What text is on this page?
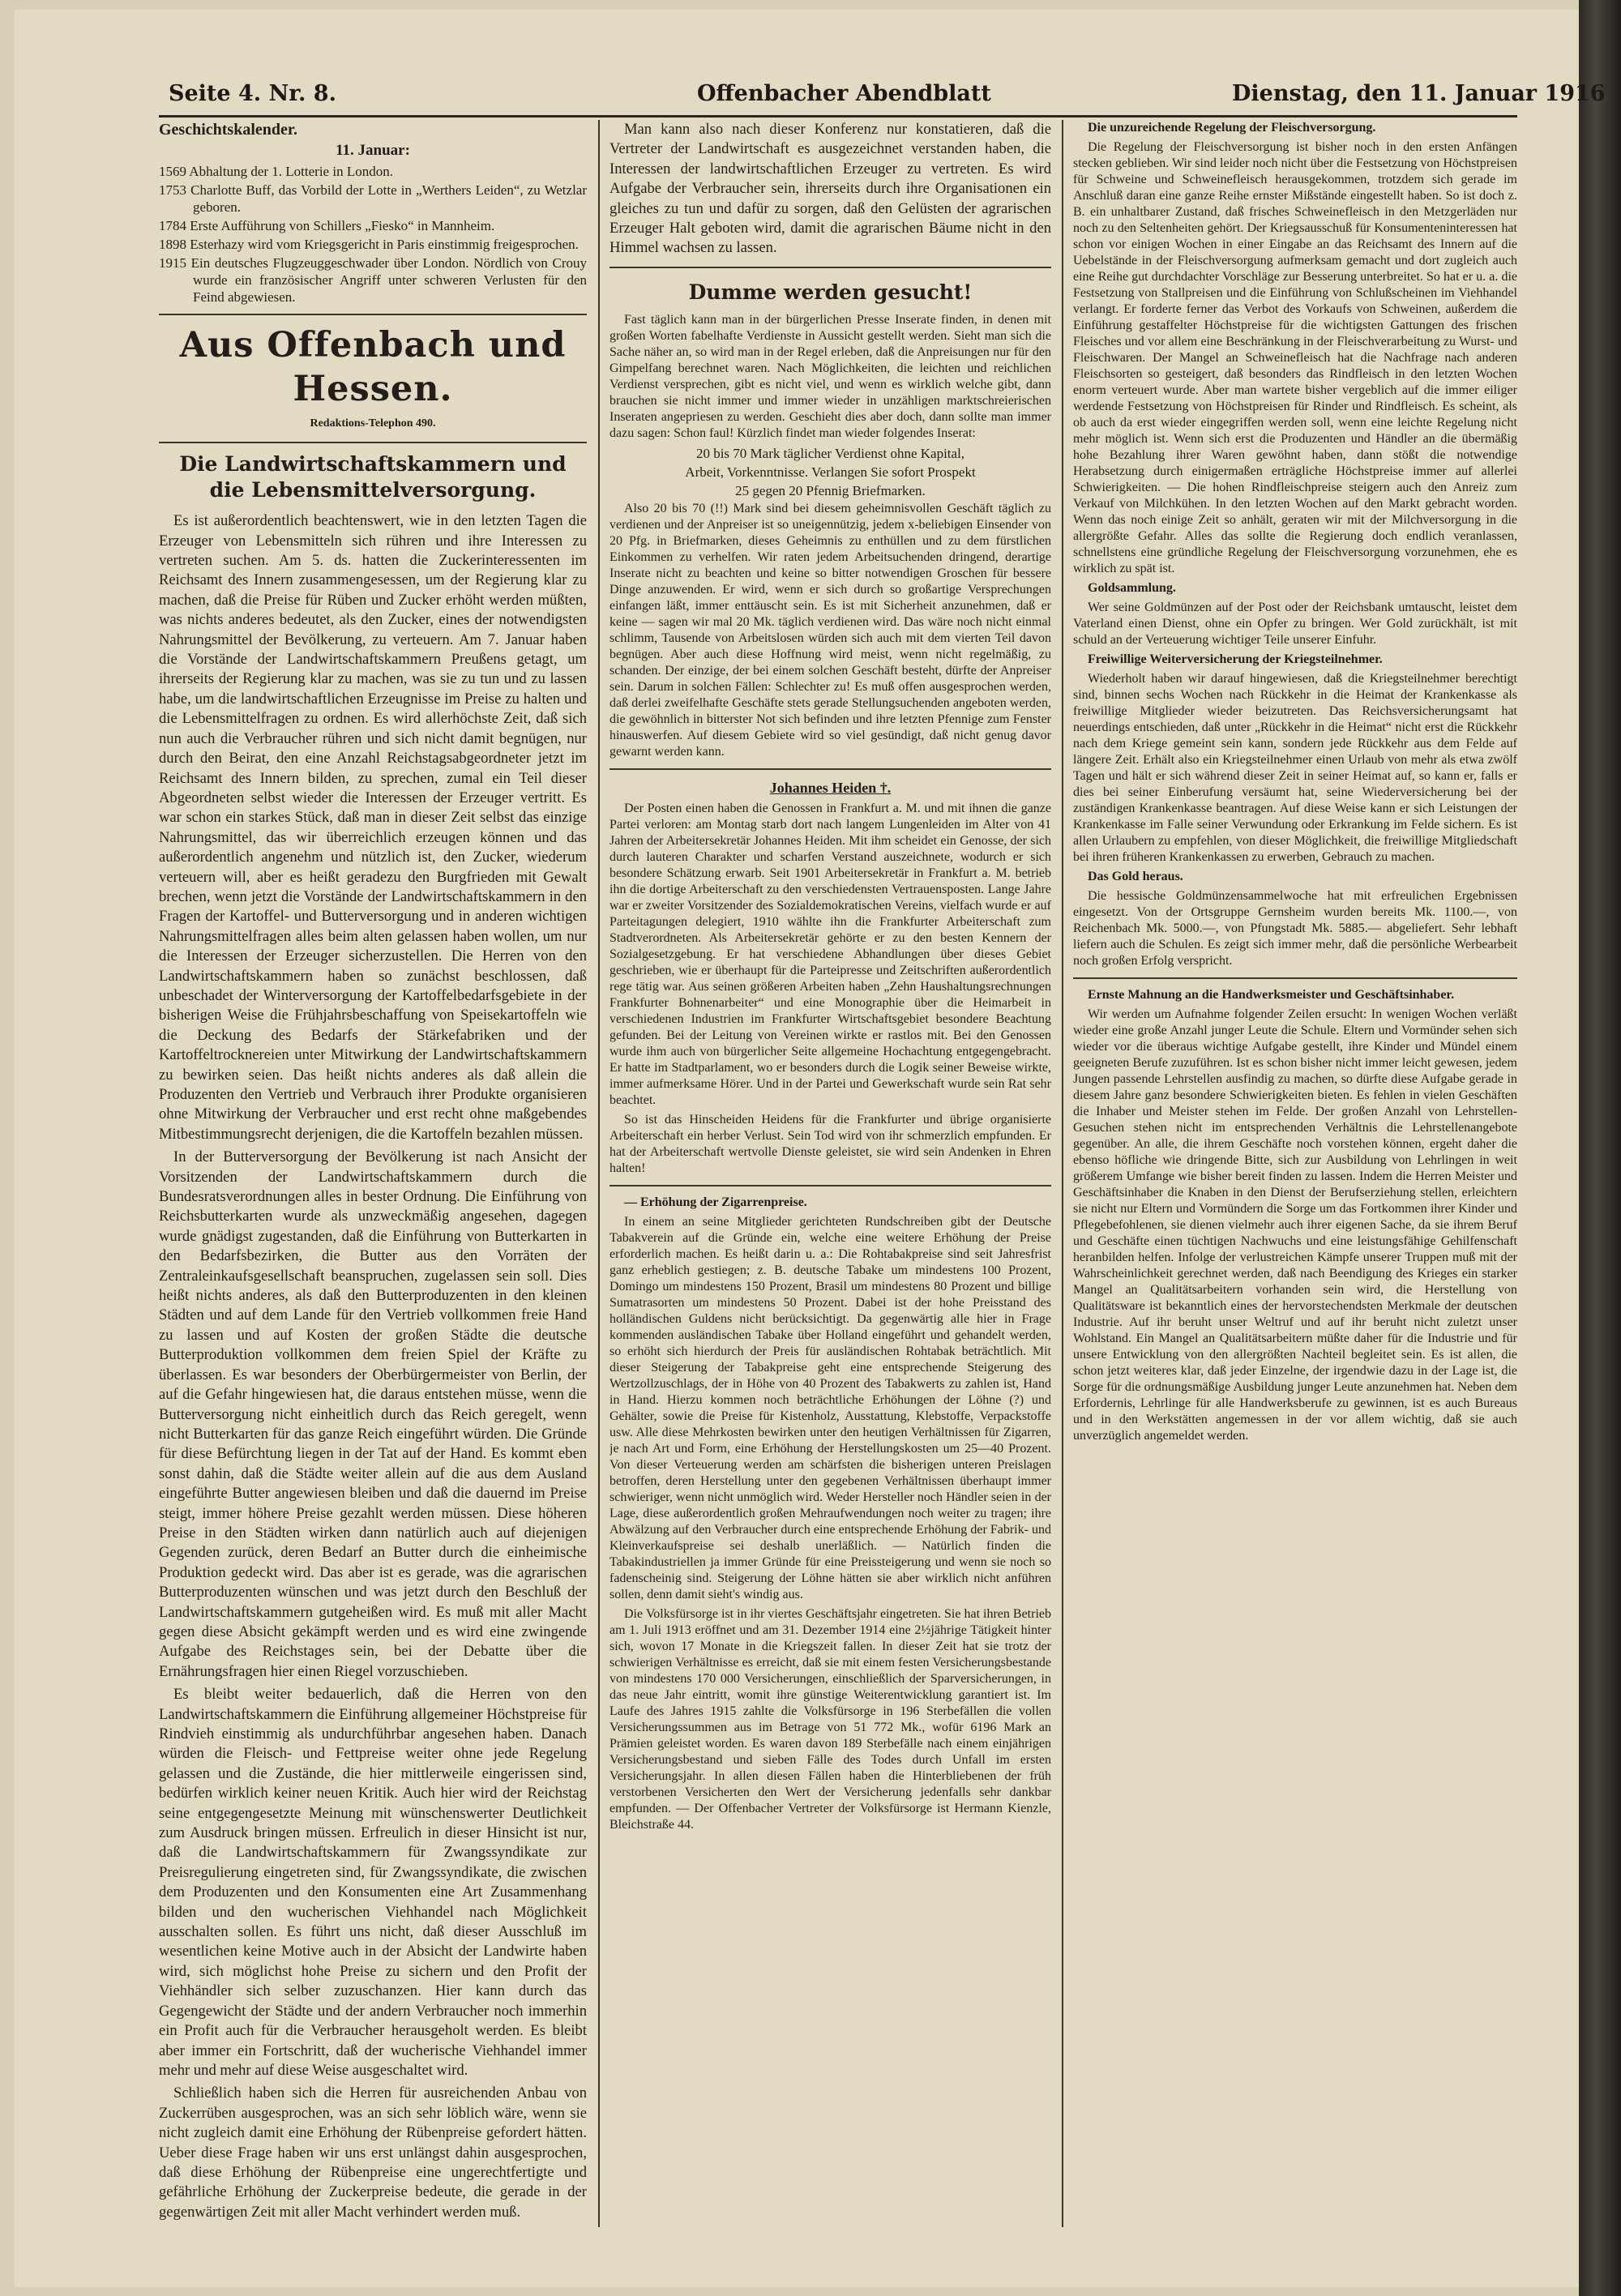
Seite 4. Nr. 8.	Offenbacher Abendblatt	Dienstag, den 11. Januar 1916
Geschichtskalender.
11. Januar:
1569 Abhaltung der 1. Lotterie in London.
1753 Charlotte Buff, das Vorbild der Lotte in „Werthers Leiden“, zu Wetzlar geboren.
1784 Erste Aufführung von Schillers „Fiesko“ in Mannheim.
1898 Esterhazy wird vom Kriegsgericht in Paris einstimmig freigesprochen.
1915 Ein deutsches Flugzeuggeschwader über London. Nördlich von Crouy wurde ein französischer Angriff unter schweren Verlusten für den Feind abgewiesen.
Aus Offenbach und Hessen.
Redaktions-Telephon 490.
Die Landwirtschaftskammern und die Lebensmittelversorgung.

Es ist außerordentlich beachtenswert, wie in den letzten Tagen die Erzeuger von Lebensmitteln sich rühren und ihre Interessen zu vertreten suchen. Am 5. ds. hatten die Zuckerinteressenten im Reichsamt des Innern zusammengesessen, um der Regierung klar zu machen, daß die Preise für Rüben und Zucker erhöht werden müßten, was nichts anderes bedeutet, als den Zucker, eines der notwendigsten Nahrungsmittel der Bevölkerung, zu verteuern. Am 7. Januar haben die Vorstände der Landwirtschaftskammern Preußens getagt, um ihrerseits der Regierung klar zu machen, was sie zu tun und zu lassen habe, um die landwirtschaftlichen Erzeugnisse im Preise zu halten und die Lebensmittelfragen zu ordnen. Es wird allerhöchste Zeit, daß sich nun auch die Verbraucher rühren und sich nicht damit begnügen, nur durch den Beirat, den eine Anzahl Reichstagsabgeordneter jetzt im Reichsamt des Innern bilden, zu sprechen, zumal ein Teil dieser Abgeordneten selbst wieder die Interessen der Erzeuger vertritt. Es war schon ein starkes Stück, daß man in dieser Zeit selbst das einzige Nahrungsmittel, das wir überreichlich erzeugen können und das außerordentlich angenehm und nützlich ist, den Zucker, wiederum verteuern will, aber es heißt geradezu den Burgfrieden mit Gewalt brechen, wenn jetzt die Vorstände der Landwirtschaftskammern in den Fragen der Kartoffel- und Butterversorgung und in anderen wichtigen Nahrungsmittelfragen alles beim alten gelassen haben wollen, um nur die Interessen der Erzeuger sicherzustellen. Die Herren von den Landwirtschaftskammern haben so zunächst beschlossen, daß unbeschadet der Winterversorgung der Kartoffelbedarfsgebiete in der bisherigen Weise die Frühjahrsbeschaffung von Speisekartoffeln wie die Deckung des Bedarfs der Stärkefabriken und der Kartoffeltrocknereien unter Mitwirkung der Landwirtschaftskammern zu bewirken seien. Das heißt nichts anderes als daß allein die Produzenten den Vertrieb und Verbrauch ihrer Produkte organisieren ohne Mitwirkung der Verbraucher und erst recht ohne maßgebendes Mitbestimmungsrecht derjenigen, die die Kartoffeln bezahlen müssen.

In der Butterversorgung der Bevölkerung ist nach Ansicht der Vorsitzenden der Landwirtschaftskammern durch die Bundesratsverordnungen alles in bester Ordnung. Die Einführung von Reichsbutterkarten wurde als unzweckmäßig angesehen, dagegen wurde gnädigst zugestanden, daß die Einführung von Butterkarten in den Bedarfsbezirken, die Butter aus den Vorräten der Zentraleinkaufsgesellschaft beanspruchen, zugelassen sein soll. Dies heißt nichts anderes, als daß den Butterproduzenten in den kleinen Städten und auf dem Lande für den Vertrieb vollkommen freie Hand zu lassen und auf Kosten der großen Städte die deutsche Butterproduktion vollkommen dem freien Spiel der Kräfte zu überlassen. Es war besonders der Oberbürgermeister von Berlin, der auf die Gefahr hingewiesen hat, die daraus entstehen müsse, wenn die Butterversorgung nicht einheitlich durch das Reich geregelt, wenn nicht Butterkarten für das ganze Reich eingeführt würden. Die Gründe für diese Befürchtung liegen in der Tat auf der Hand. Es kommt eben sonst dahin, daß die Städte weiter allein auf die aus dem Ausland eingeführte Butter angewiesen bleiben und daß die dauernd im Preise steigt, immer höhere Preise gezahlt werden müssen. Diese höheren Preise in den Städten wirken dann natürlich auch auf diejenigen Gegenden zurück, deren Bedarf an Butter durch die einheimische Produktion gedeckt wird. Das aber ist es gerade, was die agrarischen Butterproduzenten wünschen und was jetzt durch den Beschluß der Landwirtschaftskammern gutgeheißen wird. Es muß mit aller Macht gegen diese Absicht gekämpft werden und es wird eine zwingende Aufgabe des Reichstages sein, bei der Debatte über die Ernährungsfragen hier einen Riegel vorzuschieben.

Es bleibt weiter bedauerlich, daß die Herren von den Landwirtschaftskammern die Einführung allgemeiner Höchstpreise für Rindvieh einstimmig als undurchführbar angesehen haben. Danach würden die Fleisch- und Fettpreise weiter ohne jede Regelung gelassen und die Zustände, die hier mittlerweile eingerissen sind, bedürfen wirklich keiner neuen Kritik. Auch hier wird der Reichstag seine entgegengesetzte Meinung mit wünschenswerter Deutlichkeit zum Ausdruck bringen müssen. Erfreulich in dieser Hinsicht ist nur, daß die Landwirtschaftskammern für Zwangssyndikate zur Preisregulierung eingetreten sind, für Zwangssyndikate, die zwischen dem Produzenten und den Konsumenten eine Art Zusammenhang bilden und den wucherischen Viehhandel nach Möglichkeit ausschalten sollen. Es führt uns nicht, daß dieser Ausschluß im wesentlichen keine Motive auch in der Absicht der Landwirte haben wird, sich möglichst hohe Preise zu sichern und den Profit der Viehhändler sich selber zuzuschanzen. Hier kann durch das Gegengewicht der Städte und der andern Verbraucher noch immerhin ein Profit auch für die Verbraucher herausgeholt werden. Es bleibt aber immer ein Fortschritt, daß der wucherische Viehhandel immer mehr und mehr auf diese Weise ausgeschaltet wird.

Schließlich haben sich die Herren für ausreichenden Anbau von Zuckerrüben ausgesprochen, was an sich sehr löblich wäre, wenn sie nicht zugleich damit eine Erhöhung der Rübenpreise gefordert hätten. Ueber diese Frage haben wir uns erst unlängst dahin ausgesprochen, daß diese Erhöhung der Rübenpreise eine ungerechtfertigte und gefährliche Erhöhung der Zuckerpreise bedeute, die gerade in der gegenwärtigen Zeit mit aller Macht verhindert werden muß.

Man kann also nach dieser Konferenz nur konstatieren, daß die Vertreter der Landwirtschaft es ausgezeichnet verstanden haben, die Interessen der landwirtschaftlichen Erzeuger zu vertreten. Es wird Aufgabe der Verbraucher sein, ihrerseits durch ihre Organisationen ein gleiches zu tun und dafür zu sorgen, daß den Gelüsten der agrarischen Erzeuger Halt geboten wird, damit die agrarischen Bäume nicht in den Himmel wachsen zu lassen.

Dumme werden gesucht!

Fast täglich kann man in der bürgerlichen Presse Inserate finden, in denen mit großen Worten fabelhafte Verdienste in Aussicht gestellt werden. Sieht man sich die Sache näher an, so wird man in der Regel erleben, daß die Anpreisungen nur für den Gimpelfang berechnet waren. Nach Möglichkeiten, die leichten und reichlichen Verdienst versprechen, gibt es nicht viel, und wenn es wirklich welche gibt, dann brauchen sie nicht immer und immer wieder in unzähligen marktschreierischen Inseraten angepriesen zu werden. Geschieht dies aber doch, dann sollte man immer dazu sagen: Schon faul! Kürzlich findet man wieder folgendes Inserat:

20 bis 70 Mark täglicher Verdienst ohne Kapital,
Arbeit, Vorkenntnisse. Verlangen Sie sofort Prospekt
25 gegen 20 Pfennig Briefmarken.

Also 20 bis 70 (!!) Mark sind bei diesem geheimnisvollen Geschäft täglich zu verdienen und der Anpreiser ist so uneigennützig, jedem x-beliebigen Einsender von 20 Pfg. in Briefmarken, dieses Geheimnis zu enthüllen und zu dem fürstlichen Einkommen zu verhelfen. Wir raten jedem Arbeitsuchenden dringend, derartige Inserate nicht zu beachten und keine so bitter notwendigen Groschen für bessere Dinge anzuwenden. Er wird, wenn er sich durch so großartige Versprechungen einfangen läßt, immer enttäuscht sein. Es ist mit Sicherheit anzunehmen, daß er keine — sagen wir mal 20 Mk. täglich verdienen wird. Das wäre noch nicht einmal schlimm, Tausende von Arbeitslosen würden sich auch mit dem vierten Teil davon begnügen. Aber auch diese Hoffnung wird meist, wenn nicht regelmäßig, zu schanden. Der einzige, der bei einem solchen Geschäft besteht, dürfte der Anpreiser sein. Darum in solchen Fällen: Schlechter zu! Es muß offen ausgesprochen werden, daß derlei zweifelhafte Geschäfte stets gerade Stellungsuchenden angeboten werden, die gewöhnlich in bitterster Not sich befinden und ihre letzten Pfennige zum Fenster hinauswerfen. Auf diesem Gebiete wird so viel gesündigt, daß nicht genug davor gewarnt werden kann.

Johannes Heiden †.

Der Posten einen haben die Genossen in Frankfurt a. M. und mit ihnen die ganze Partei verloren: am Montag starb dort nach langem Lungenleiden im Alter von 41 Jahren der Arbeitersekretär Johannes Heiden. Mit ihm scheidet ein Genosse, der sich durch lauteren Charakter und scharfen Verstand auszeichnete, wodurch er sich besondere Schätzung erwarb. Seit 1901 Arbeitersekretär in Frankfurt a. M. betrieb ihn die dortige Arbeiterschaft zu den verschiedensten Vertrauensposten. Lange Jahre war er zweiter Vorsitzender des Sozialdemokratischen Vereins, vielfach wurde er auf Parteitagungen delegiert, 1910 wählte ihn die Frankfurter Arbeiterschaft zum Stadtverordneten. Als Arbeitersekretär gehörte er zu den besten Kennern der Sozialgesetzgebung. Er hat verschiedene Abhandlungen über dieses Gebiet geschrieben, wie er überhaupt für die Parteipresse und Zeitschriften außerordentlich rege tätig war. Aus seinen größeren Arbeiten haben „Zehn Haushaltungsrechnungen Frankfurter Bohnenarbeiter“ und eine Monographie über die Heimarbeit in verschiedenen Industrien im Frankfurter Wirtschaftsgebiet besondere Beachtung gefunden. Bei der Leitung von Vereinen wirkte er rastlos mit. Bei den Genossen wurde ihm auch von bürgerlicher Seite allgemeine Hochachtung entgegengebracht. Er hatte im Stadtparlament, wo er besonders durch die Logik seiner Beweise wirkte, immer aufmerksame Hörer. Und in der Partei und Gewerkschaft wurde sein Rat sehr beachtet.

So ist das Hinscheiden Heidens für die Frankfurter und übrige organisierte Arbeiterschaft ein herber Verlust. Sein Tod wird von ihr schmerzlich empfunden. Er hat der Arbeiterschaft wertvolle Dienste geleistet, sie wird sein Andenken in Ehren halten!

— Erhöhung der Zigarrenpreise.

In einem an seine Mitglieder gerichteten Rundschreiben gibt der Deutsche Tabakverein auf die Gründe ein, welche eine weitere Erhöhung der Preise erforderlich machen. Es heißt darin u. a.: Die Rohtabakpreise sind seit Jahresfrist ganz erheblich gestiegen; z. B. deutsche Tabake um mindestens 100 Prozent, Domingo um mindestens 150 Prozent, Brasil um mindestens 80 Prozent und billige Sumatrasorten um mindestens 50 Prozent. Dabei ist der hohe Preisstand des holländischen Guldens nicht berücksichtigt. Da gegenwärtig alle hier in Frage kommenden ausländischen Tabake über Holland eingeführt und gehandelt werden, so erhöht sich hierdurch der Preis für ausländischen Rohtabak beträchtlich. Mit dieser Steigerung der Tabakpreise geht eine entsprechende Steigerung des Wertzollzuschlags, der in Höhe von 40 Prozent des Tabakwerts zu zahlen ist, Hand in Hand. Hierzu kommen noch beträchtliche Erhöhungen der Löhne (?) und Gehälter, sowie die Preise für Kistenholz, Ausstattung, Klebstoffe, Verpackstoffe usw. Alle diese Mehrkosten bewirken unter den heutigen Verhältnissen für Zigarren, je nach Art und Form, eine Erhöhung der Herstellungskosten um 25—40 Prozent. Von dieser Verteuerung werden am schärfsten die bisherigen unteren Preislagen betroffen, deren Herstellung unter den gegebenen Verhältnissen überhaupt immer schwieriger, wenn nicht unmöglich wird. Weder Hersteller noch Händler seien in der Lage, diese außerordentlich großen Mehraufwendungen noch weiter zu tragen; ihre Abwälzung auf den Verbraucher durch eine entsprechende Erhöhung der Fabrik- und Kleinverkaufspreise sei deshalb unerläßlich. — Natürlich finden die Tabakindustriellen ja immer Gründe für eine Preissteigerung und wenn sie noch so fadenscheinig sind. Steigerung der Löhne hätten sie aber wirklich nicht anführen sollen, denn damit sieht's windig aus.

Die Volksfürsorge ist in ihr viertes Geschäftsjahr eingetreten. Sie hat ihren Betrieb am 1. Juli 1913 eröffnet und am 31. Dezember 1914 eine 2½jährige Tätigkeit hinter sich, wovon 17 Monate in die Kriegszeit fallen. In dieser Zeit hat sie trotz der schwierigen Verhältnisse es erreicht, daß sie mit einem festen Versicherungsbestande von mindestens 170 000 Versicherungen, einschließlich der Sparversicherungen, in das neue Jahr eintritt, womit ihre günstige Weiterentwicklung garantiert ist. Im Laufe des Jahres 1915 zahlte die Volksfürsorge in 196 Sterbefällen die vollen Versicherungssummen aus im Betrage von 51 772 Mk., wofür 6196 Mark an Prämien geleistet worden. Es waren davon 189 Sterbefälle nach einem einjährigen Versicherungsbestand und sieben Fälle des Todes durch Unfall im ersten Versicherungsjahr. In allen diesen Fällen haben die Hinterbliebenen der früh verstorbenen Versicherten den Wert der Versicherung jedenfalls sehr dankbar empfunden. — Der Offenbacher Vertreter der Volksfürsorge ist Hermann Kienzle, Bleichstraße 44.

Die unzureichende Regelung der Fleischversorgung.

Die Regelung der Fleischversorgung ist bisher noch in den ersten Anfängen stecken geblieben. Wir sind leider noch nicht über die Festsetzung von Höchstpreisen für Schweine und Schweinefleisch herausgekommen, trotzdem sich gerade im Anschluß daran eine ganze Reihe ernster Mißstände eingestellt haben. So ist doch z. B. ein unhaltbarer Zustand, daß frisches Schweinefleisch in den Metzgerläden nur noch zu den Seltenheiten gehört. Der Kriegsausschuß für Konsumenteninteressen hat schon vor einigen Wochen in einer Eingabe an das Reichsamt des Innern auf die Uebelstände in der Fleischversorgung aufmerksam gemacht und dort zugleich auch eine Reihe gut durchdachter Vorschläge zur Besserung unterbreitet. So hat er u. a. die Festsetzung von Stallpreisen und die Einführung von Schlußscheinen im Viehhandel verlangt. Er forderte ferner das Verbot des Vorkaufs von Schweinen, außerdem die Einführung gestaffelter Höchstpreise für die wichtigsten Gattungen des frischen Fleisches und vor allem eine Beschränkung in der Fleischverarbeitung zu Wurst- und Fleischwaren. Der Mangel an Schweinefleisch hat die Nachfrage nach anderen Fleischsorten so gesteigert, daß besonders das Rindfleisch in den letzten Wochen enorm verteuert wurde. Aber man wartete bisher vergeblich auf die immer eiliger werdende Festsetzung von Höchstpreisen für Rinder und Rindfleisch. Es scheint, als ob auch da erst wieder eingegriffen werden soll, wenn eine leichte Regelung nicht mehr möglich ist. Wenn sich erst die Produzenten und Händler an die übermäßig hohe Bezahlung ihrer Waren gewöhnt haben, dann stößt die notwendige Herabsetzung durch einigermaßen erträgliche Höchstpreise immer auf allerlei Schwierigkeiten. — Die hohen Rindfleischpreise steigern auch den Anreiz zum Verkauf von Milchkühen. In den letzten Wochen auf den Markt gebracht worden. Wenn das noch einige Zeit so anhält, geraten wir mit der Milchversorgung in die allergrößte Gefahr. Alles das sollte die Regierung doch endlich veranlassen, schnellstens eine gründliche Regelung der Fleischversorgung vorzunehmen, ehe es wirklich zu spät ist.

Goldsammlung.

Wer seine Goldmünzen auf der Post oder der Reichsbank umtauscht, leistet dem Vaterland einen Dienst, ohne ein Opfer zu bringen. Wer Gold zurückhält, ist mit schuld an der Verteuerung wichtiger Teile unserer Einfuhr.

Freiwillige Weiterversicherung der Kriegsteilnehmer.

Wiederholt haben wir darauf hingewiesen, daß die Kriegsteilnehmer berechtigt sind, binnen sechs Wochen nach Rückkehr in die Heimat der Krankenkasse als freiwillige Mitglieder wieder beizutreten. Das Reichsversicherungsamt hat neuerdings entschieden, daß unter „Rückkehr in die Heimat“ nicht erst die Rückkehr nach dem Kriege gemeint sein kann, sondern jede Rückkehr aus dem Felde auf längere Zeit. Erhält also ein Kriegsteilnehmer einen Urlaub von mehr als etwa zwölf Tagen und hält er sich während dieser Zeit in seiner Heimat auf, so kann er, falls er dies bei seiner Einberufung versäumt hat, seine Wiederversicherung bei der zuständigen Krankenkasse beantragen. Auf diese Weise kann er sich Leistungen der Krankenkasse im Falle seiner Verwundung oder Erkrankung im Felde sichern. Es ist allen Urlaubern zu empfehlen, von dieser Möglichkeit, die freiwillige Mitgliedschaft bei ihren früheren Krankenkassen zu erwerben, Gebrauch zu machen.

Das Gold heraus.

Die hessische Goldmünzensammelwoche hat mit erfreulichen Ergebnissen eingesetzt. Von der Ortsgruppe Gernsheim wurden bereits Mk. 1100.—, von Reichenbach Mk. 5000.—, von Pfungstadt Mk. 5885.— abgeliefert. Sehr lebhaft liefern auch die Schulen. Es zeigt sich immer mehr, daß die persönliche Werbearbeit noch großen Erfolg verspricht.

Ernste Mahnung an die Handwerksmeister und Geschäftsinhaber.

Wir werden um Aufnahme folgender Zeilen ersucht: In wenigen Wochen verläßt wieder eine große Anzahl junger Leute die Schule. Eltern und Vormünder sehen sich wieder vor die überaus wichtige Aufgabe gestellt, ihre Kinder und Mündel einem geeigneten Berufe zuzuführen. Ist es schon bisher nicht immer leicht gewesen, jedem Jungen passende Lehrstellen ausfindig zu machen, so dürfte diese Aufgabe gerade in diesem Jahre ganz besondere Schwierigkeiten bieten. Es fehlen in vielen Geschäften die Inhaber und Meister stehen im Felde. Der großen Anzahl von Lehrstellen-Gesuchen stehen nicht im entsprechenden Verhältnis die Lehrstellenangebote gegenüber. An alle, die ihrem Geschäfte noch vorstehen können, ergeht daher die ebenso höfliche wie dringende Bitte, sich zur Ausbildung von Lehrlingen in weit größerem Umfange wie bisher bereit finden zu lassen. Indem die Herren Meister und Geschäftsinhaber die Knaben in den Dienst der Berufserziehung stellen, erleichtern sie nicht nur Eltern und Vormündern die Sorge um das Fortkommen ihrer Kinder und Pflegebefohlenen, sie dienen vielmehr auch ihrer eigenen Sache, da sie ihrem Beruf und Geschäfte einen tüchtigen Nachwuchs und eine leistungsfähige Gehilfenschaft heranbilden helfen. Infolge der verlustreichen Kämpfe unserer Truppen muß mit der Wahrscheinlichkeit gerechnet werden, daß nach Beendigung des Krieges ein starker Mangel an Qualitätsarbeitern vorhanden sein wird, die Herstellung von Qualitätsware ist bekanntlich eines der hervorstechendsten Merkmale der deutschen Industrie. Auf ihr beruht unser Weltruf und auf ihr beruht nicht zuletzt unser Wohlstand. Ein Mangel an Qualitätsarbeitern müßte daher für die Industrie und für unsere Entwicklung von den allergrößten Nachteil begleitet sein. Es ist allen, die schon jetzt weiteres klar, daß jeder Einzelne, der irgendwie dazu in der Lage ist, die Sorge für die ordnungsmäßige Ausbildung junger Leute anzunehmen hat. Neben dem Erfordernis, Lehrlinge für alle Handwerksberufe zu gewinnen, ist es auch Bureaus und in den Werkstätten angemessen in der vor allem wichtig, daß sie auch unverzüglich angemeldet werden.
